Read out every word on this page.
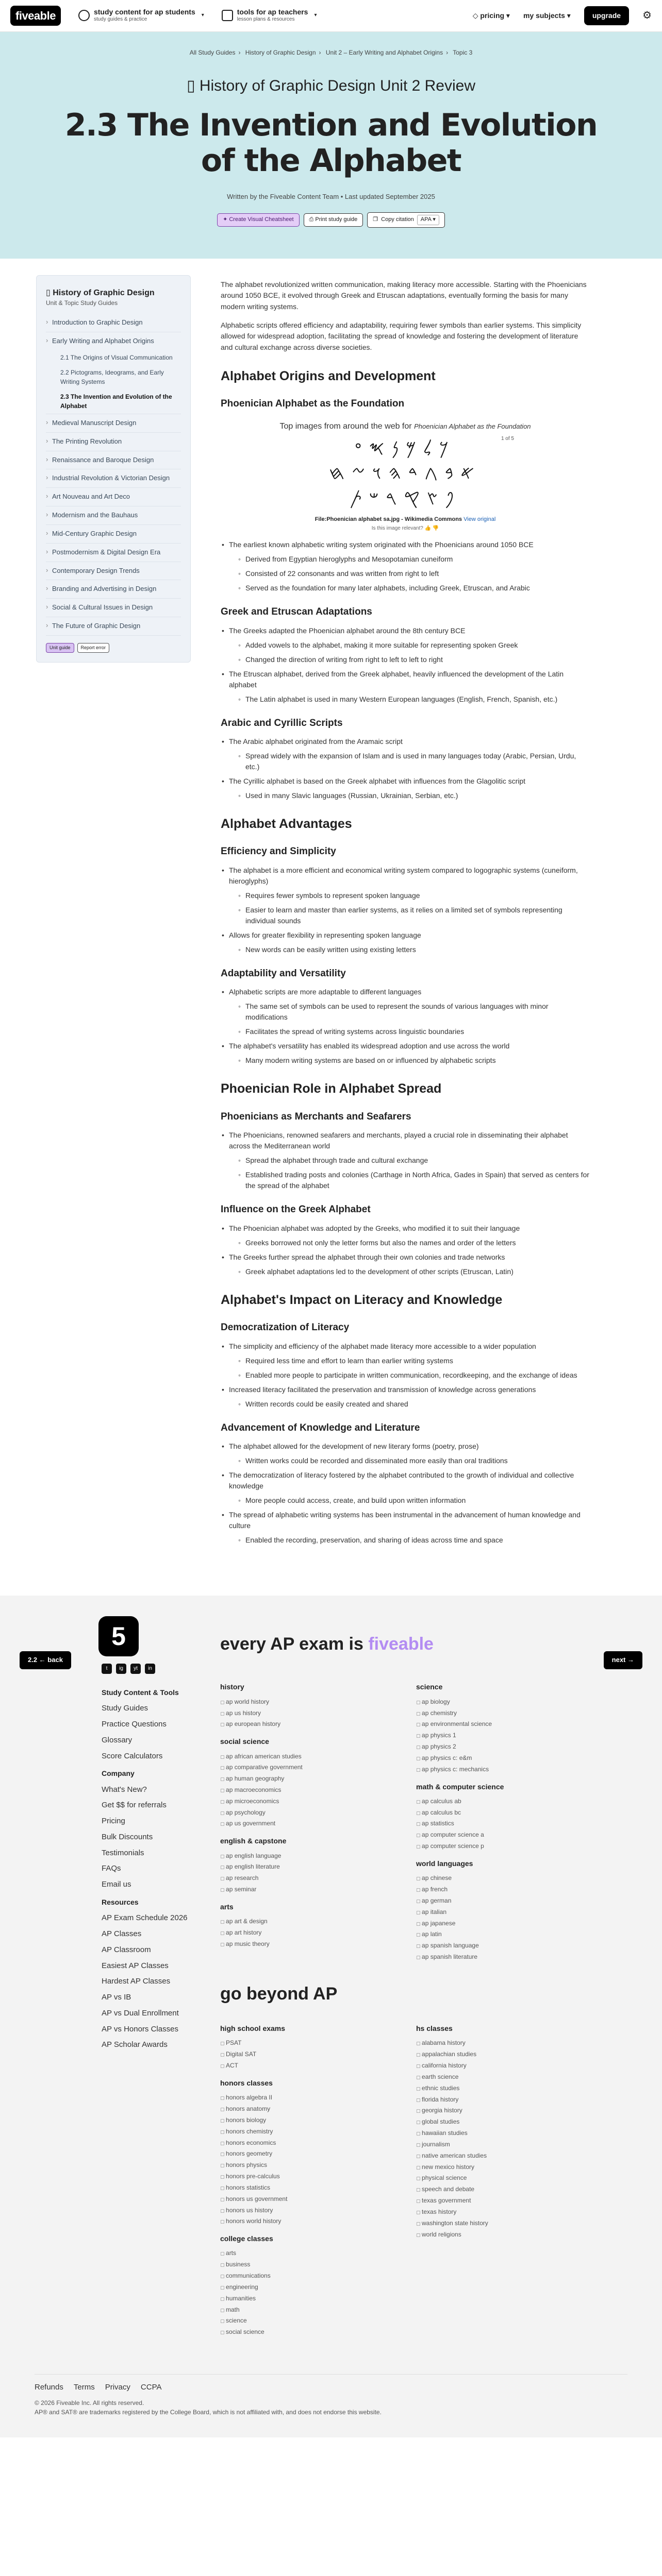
fiveable	study content for ap students
study guides & practice
▾	tools for ap teachers
lesson plans & resources
▾	◇ pricing ▾ my subjects ▾	upgrade	⚙
All Study Guides › History of Graphic Design › Unit 2 – Early Writing and Alphabet Origins › Topic 3
▯ History of Graphic Design Unit 2 Review
2.3 The Invention and Evolution of the Alphabet
Written by the Fiveable Content Team • Last updated September 2025
✦ Create Visual Cheatsheet	⎙ Print study guide	❐ Copy citation	APA ▾
▯ History of Graphic Design
Unit & Topic Study Guides
› Introduction to Graphic Design
› Early Writing and Alphabet Origins
2.1 The Origins of Visual Communication
2.2 Pictograms, Ideograms, and Early Writing Systems
2.3 The Invention and Evolution of the Alphabet
› Medieval Manuscript Design
› The Printing Revolution
› Renaissance and Baroque Design
› Industrial Revolution & Victorian Design
› Art Nouveau and Art Deco
› Modernism and the Bauhaus
› Mid-Century Graphic Design
› Postmodernism & Digital Design Era
› Contemporary Design Trends
› Branding and Advertising in Design
› Social & Cultural Issues in Design
› The Future of Graphic Design
Unit guide	Report error

The alphabet revolutionized written communication, making literacy more accessible. Starting with the Phoenicians around 1050 BCE, it evolved through Greek and Etruscan adaptations, eventually forming the basis for many modern writing systems.

Alphabetic scripts offered efficiency and adaptability, requiring fewer symbols than earlier systems. This simplicity allowed for widespread adoption, facilitating the spread of knowledge and fostering the development of literature and cultural exchange across diverse societies.

Alphabet Origins and Development
Phoenician Alphabet as the Foundation
Top images from around the web for Phoenician Alphabet as the Foundation
1 of 5
𐤊𐤋𐤌𐤍𐤎𐤏
𐤀𐤁𐤂𐤃𐤄𐤅𐤆𐤇
𐤐𐤑𐤒𐤓𐤔𐤕
File:Phoenician alphabet sa.jpg - Wikimedia Commons View original
Is this image relevant? 👍 👎
• The earliest known alphabetic writing system originated with the Phoenicians around 1050 BCE
◦ Derived from Egyptian hieroglyphs and Mesopotamian cuneiform
◦ Consisted of 22 consonants and was written from right to left
◦ Served as the foundation for many later alphabets, including Greek, Etruscan, and Arabic
Greek and Etruscan Adaptations
• The Greeks adapted the Phoenician alphabet around the 8th century BCE
◦ Added vowels to the alphabet, making it more suitable for representing spoken Greek
◦ Changed the direction of writing from right to left to left to right
• The Etruscan alphabet, derived from the Greek alphabet, heavily influenced the development of the Latin alphabet
◦ The Latin alphabet is used in many Western European languages (English, French, Spanish, etc.)
Arabic and Cyrillic Scripts
• The Arabic alphabet originated from the Aramaic script
◦ Spread widely with the expansion of Islam and is used in many languages today (Arabic, Persian, Urdu, etc.)
• The Cyrillic alphabet is based on the Greek alphabet with influences from the Glagolitic script
◦ Used in many Slavic languages (Russian, Ukrainian, Serbian, etc.)
Alphabet Advantages
Efficiency and Simplicity
• The alphabet is a more efficient and economical writing system compared to logographic systems (cuneiform, hieroglyphs)
◦ Requires fewer symbols to represent spoken language
◦ Easier to learn and master than earlier systems, as it relies on a limited set of symbols representing individual sounds
• Allows for greater flexibility in representing spoken language
◦ New words can be easily written using existing letters
Adaptability and Versatility
• Alphabetic scripts are more adaptable to different languages
◦ The same set of symbols can be used to represent the sounds of various languages with minor modifications
◦ Facilitates the spread of writing systems across linguistic boundaries
• The alphabet's versatility has enabled its widespread adoption and use across the world
◦ Many modern writing systems are based on or influenced by alphabetic scripts
Phoenician Role in Alphabet Spread
Phoenicians as Merchants and Seafarers
• The Phoenicians, renowned seafarers and merchants, played a crucial role in disseminating their alphabet across the Mediterranean world
◦ Spread the alphabet through trade and cultural exchange
◦ Established trading posts and colonies (Carthage in North Africa, Gades in Spain) that served as centers for the spread of the alphabet
Influence on the Greek Alphabet
• The Phoenician alphabet was adopted by the Greeks, who modified it to suit their language
◦ Greeks borrowed not only the letter forms but also the names and order of the letters
• The Greeks further spread the alphabet through their own colonies and trade networks
◦ Greek alphabet adaptations led to the development of other scripts (Etruscan, Latin)
Alphabet's Impact on Literacy and Knowledge
Democratization of Literacy
• The simplicity and efficiency of the alphabet made literacy more accessible to a wider population
◦ Required less time and effort to learn than earlier writing systems
◦ Enabled more people to participate in written communication, recordkeeping, and the exchange of ideas
• Increased literacy facilitated the preservation and transmission of knowledge across generations
◦ Written records could be easily created and shared
Advancement of Knowledge and Literature
• The alphabet allowed for the development of new literary forms (poetry, prose)
◦ Written works could be recorded and disseminated more easily than oral traditions
• The democratization of literacy fostered by the alphabet contributed to the growth of individual and collective knowledge
◦ More people could access, create, and build upon written information
• The spread of alphabetic writing systems has been instrumental in the advancement of human knowledge and culture
◦ Enabled the recording, preservation, and sharing of ideas across time and space
2.2 ← back	next →
5
t	ig	yt	in
Study Content & Tools
Study Guides
Practice Questions
Glossary
Score Calculators
Company
What's New?
Get $$ for referrals
Pricing
Bulk Discounts
Testimonials
FAQs
Email us
Resources
AP Exam Schedule 2026
AP Classes
AP Classroom
Easiest AP Classes
Hardest AP Classes
AP vs IB
AP vs Dual Enrollment
AP vs Honors Classes
AP Scholar Awards
every AP exam is fiveable
history
▢ ap world history
▢ ap us history
▢ ap european history
social science
▢ ap african american studies
▢ ap comparative government
▢ ap human geography
▢ ap macroeconomics
▢ ap microeconomics
▢ ap psychology
▢ ap us government
english & capstone
▢ ap english language
▢ ap english literature
▢ ap research
▢ ap seminar
arts
▢ ap art & design
▢ ap art history
▢ ap music theory
science
▢ ap biology
▢ ap chemistry
▢ ap environmental science
▢ ap physics 1
▢ ap physics 2
▢ ap physics c: e&m
▢ ap physics c: mechanics
math & computer science
▢ ap calculus ab
▢ ap calculus bc
▢ ap statistics
▢ ap computer science a
▢ ap computer science p
world languages
▢ ap chinese
▢ ap french
▢ ap german
▢ ap italian
▢ ap japanese
▢ ap latin
▢ ap spanish language
▢ ap spanish literature
go beyond AP
high school exams
▢ PSAT
▢ Digital SAT
▢ ACT
honors classes
▢ honors algebra II
▢ honors anatomy
▢ honors biology
▢ honors chemistry
▢ honors economics
▢ honors geometry
▢ honors physics
▢ honors pre-calculus
▢ honors statistics
▢ honors us government
▢ honors us history
▢ honors world history
college classes
▢ arts
▢ business
▢ communications
▢ engineering
▢ humanities
▢ math
▢ science
▢ social science
hs classes
▢ alabama history
▢ appalachian studies
▢ california history
▢ earth science
▢ ethnic studies
▢ florida history
▢ georgia history
▢ global studies
▢ hawaiian studies
▢ journalism
▢ native american studies
▢ new mexico history
▢ physical science
▢ speech and debate
▢ texas government
▢ texas history
▢ washington state history
▢ world religions
Refunds Terms Privacy CCPA
© 2026 Fiveable Inc. All rights reserved.
AP® and SAT® are trademarks registered by the College Board, which is not affiliated with, and does not endorse this website.
